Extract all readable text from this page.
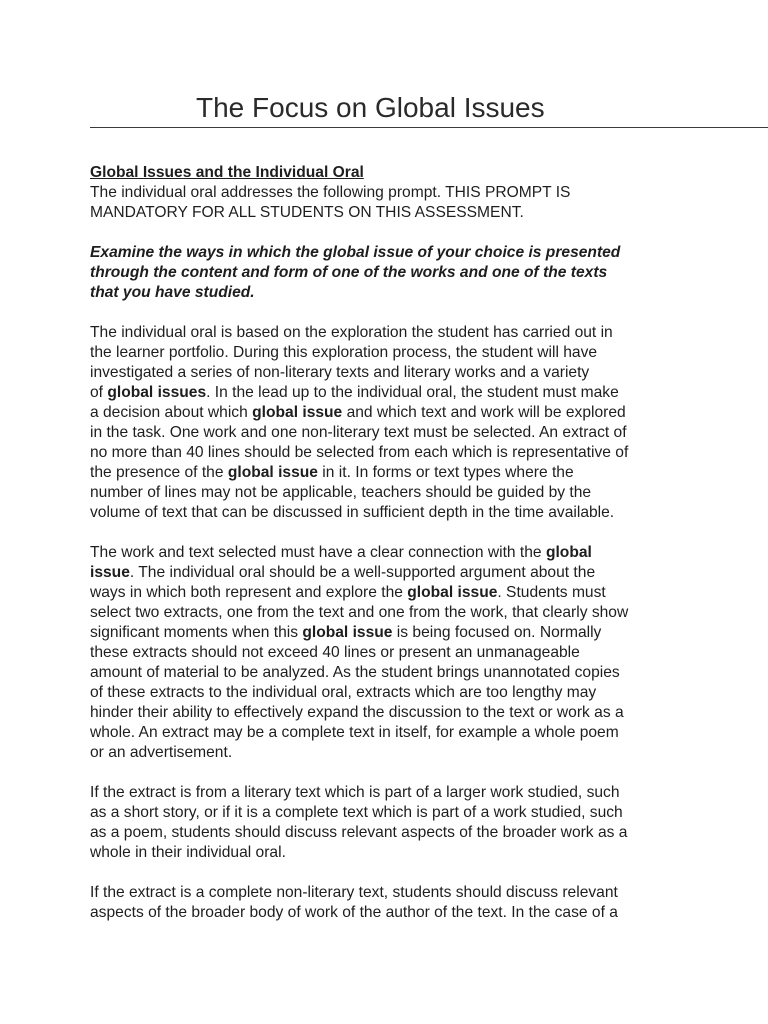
The Focus on Global Issues
Global Issues and the Individual Oral
The individual oral addresses the following prompt. THIS PROMPT IS
MANDATORY FOR ALL STUDENTS ON THIS ASSESSMENT.
Examine the ways in which the global issue of your choice is presented
through the content and form of one of the works and one of the texts
that you have studied.
The individual oral is based on the exploration the student has carried out in
the learner portfolio. During this exploration process, the student will have
investigated a series of non-literary texts and literary works and a variety
of global issues. In the lead up to the individual oral, the student must make
a decision about which global issue and which text and work will be explored
in the task. One work and one non-literary text must be selected. An extract of
no more than 40 lines should be selected from each which is representative of
the presence of the global issue in it. In forms or text types where the
number of lines may not be applicable, teachers should be guided by the
volume of text that can be discussed in sufficient depth in the time available.
The work and text selected must have a clear connection with the global
issue. The individual oral should be a well-supported argument about the
ways in which both represent and explore the global issue. Students must
select two extracts, one from the text and one from the work, that clearly show
significant moments when this global issue is being focused on. Normally
these extracts should not exceed 40 lines or present an unmanageable
amount of material to be analyzed. As the student brings unannotated copies
of these extracts to the individual oral, extracts which are too lengthy may
hinder their ability to effectively expand the discussion to the text or work as a
whole. An extract may be a complete text in itself, for example a whole poem
or an advertisement.
If the extract is from a literary text which is part of a larger work studied, such
as a short story, or if it is a complete text which is part of a work studied, such
as a poem, students should discuss relevant aspects of the broader work as a
whole in their individual oral.
If the extract is a complete non-literary text, students should discuss relevant
aspects of the broader body of work of the author of the text. In the case of a
